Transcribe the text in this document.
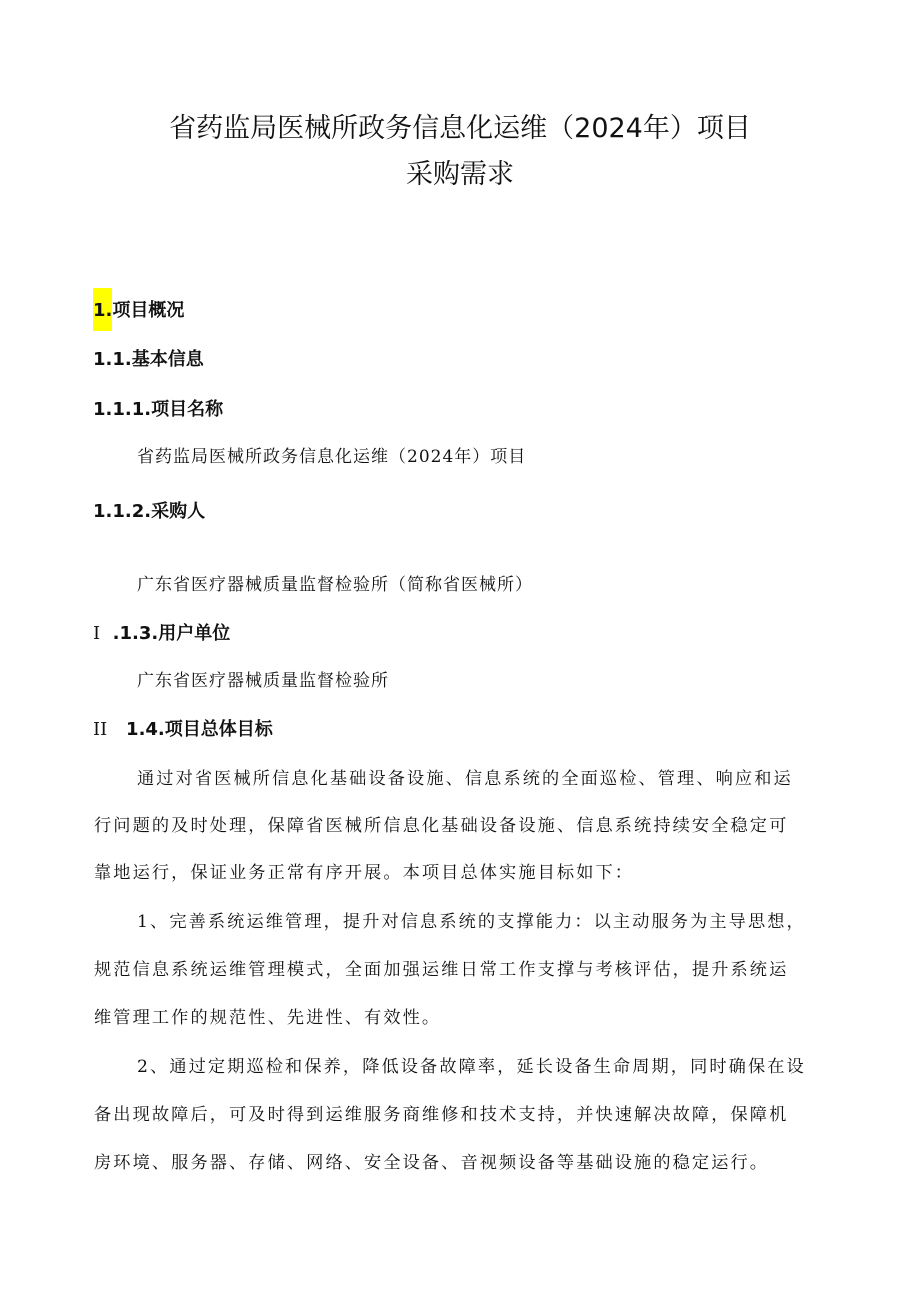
省药监局医械所政务信息化运维（2024年）项目
采购需求
1.项目概况
1.1.基本信息
1.1.1.项目名称
省药监局医械所政务信息化运维（2024年）项目
1.1.2.采购人
广东省医疗器械质量监督检验所（简称省医械所）
I .1.3.用户单位
广东省医疗器械质量监督检验所
II 1.4.项目总体目标
通过对省医械所信息化基础设备设施、信息系统的全面巡检、管理、响应和运
行问题的及时处理，保障省医械所信息化基础设备设施、信息系统持续安全稳定可
靠地运行，保证业务正常有序开展。本项目总体实施目标如下：
1、完善系统运维管理，提升对信息系统的支撑能力：以主动服务为主导思想，
规范信息系统运维管理模式，全面加强运维日常工作支撑与考核评估，提升系统运
维管理工作的规范性、先进性、有效性。
2、通过定期巡检和保养，降低设备故障率，延长设备生命周期，同时确保在设
备出现故障后，可及时得到运维服务商维修和技术支持，并快速解决故障，保障机
房环境、服务器、存储、网络、安全设备、音视频设备等基础设施的稳定运行。
